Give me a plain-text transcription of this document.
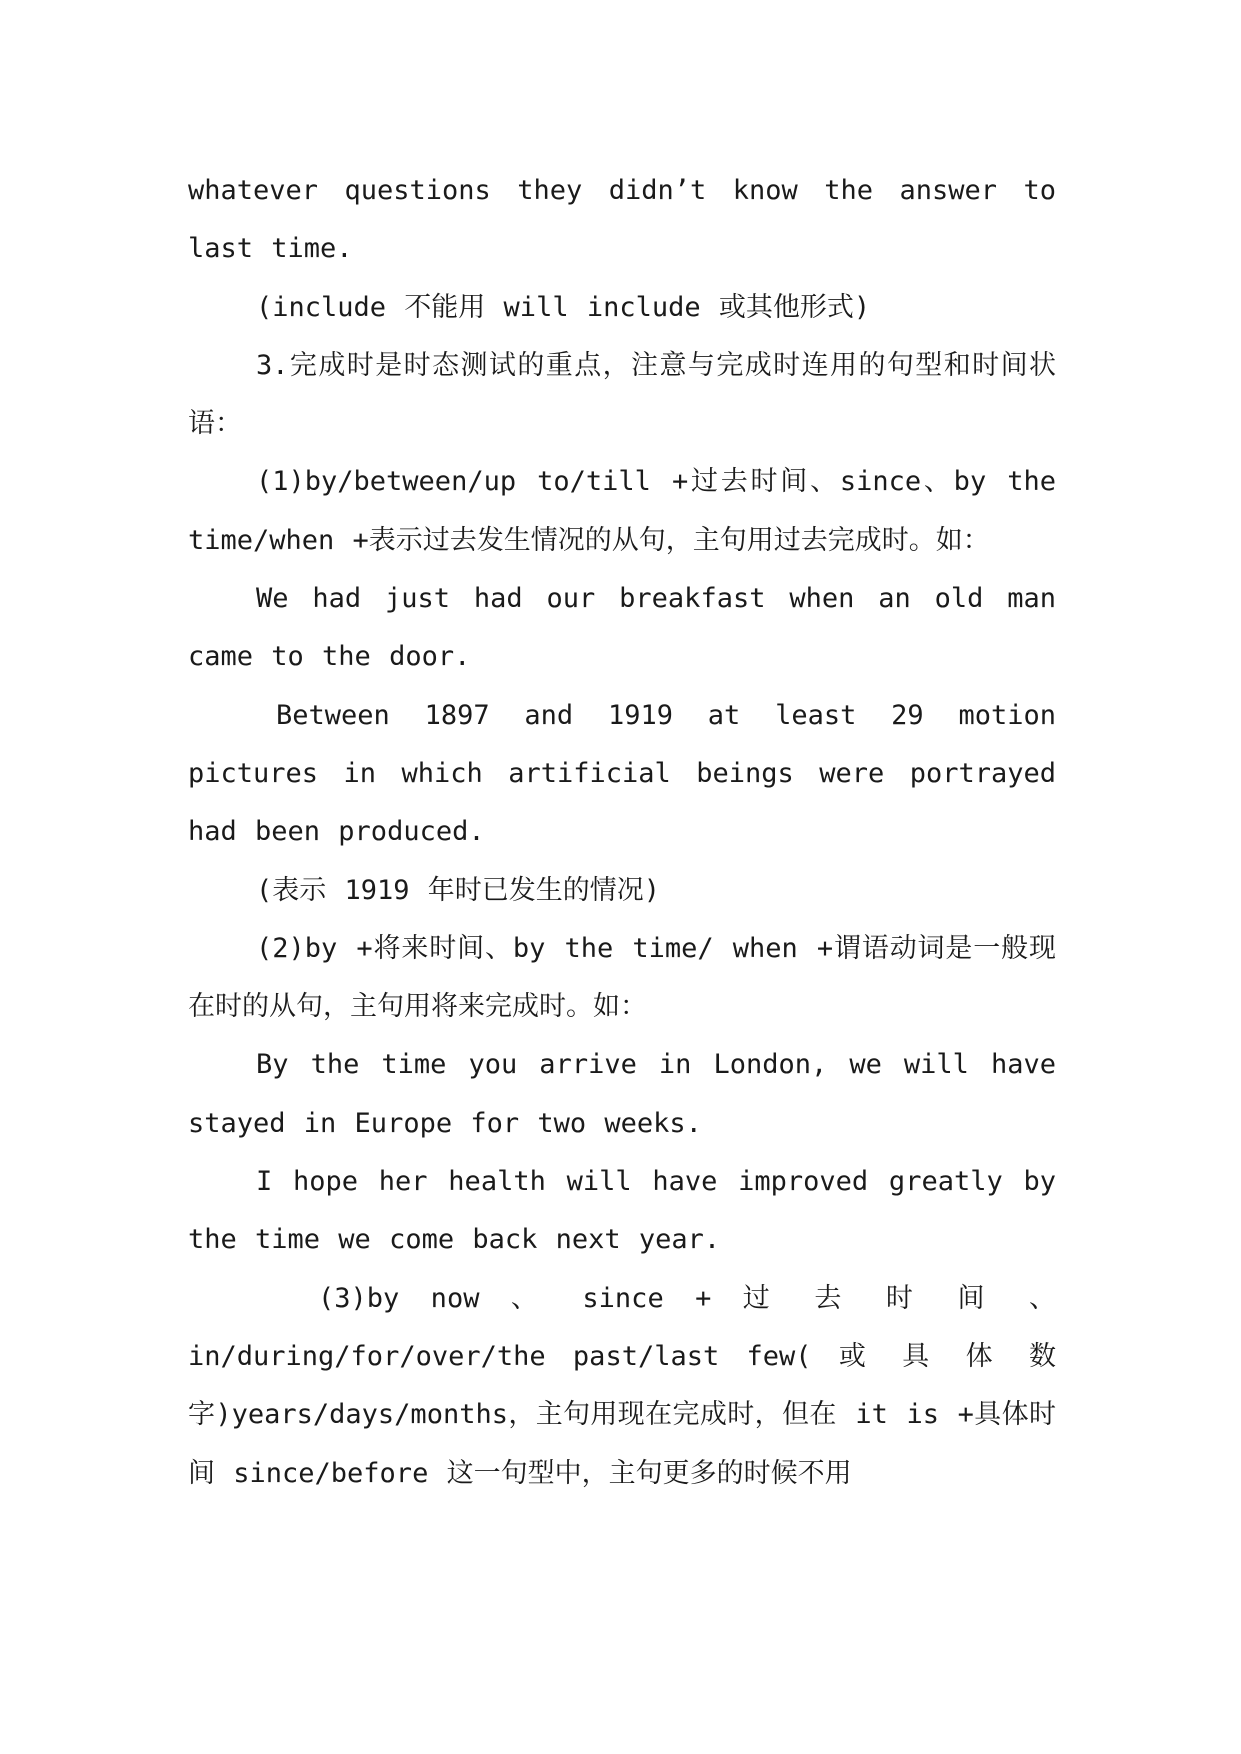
whatever questions they didn’t know the answer to last time.

(include 不能用 will include 或其他形式)

3.完成时是时态测试的重点，注意与完成时连用的句型和时间状语：

(1)by/between/up to/till +过去时间、since、by the time/when +表示过去发生情况的从句，主句用过去完成时。如：

We had just had our breakfast when an old man came to the door.

Between 1897 and 1919 at least 29 motion pictures in which artificial beings were portrayed had been produced.

(表示 1919 年时已发生的情况)

(2)by +将来时间、by the time/ when +谓语动词是一般现在时的从句，主句用将来完成时。如：

By the time you arrive in London, we will have stayed in Europe for two weeks.

I hope her health will have improved greatly by the time we come back next year.

(3)by now 、 since + 过 去 时 间 、 in/during/for/over/the past/last few( 或 具 体 数 字)years/days/months，主句用现在完成时，但在 it is +具体时间 since/before 这一句型中，主句更多的时候不用
